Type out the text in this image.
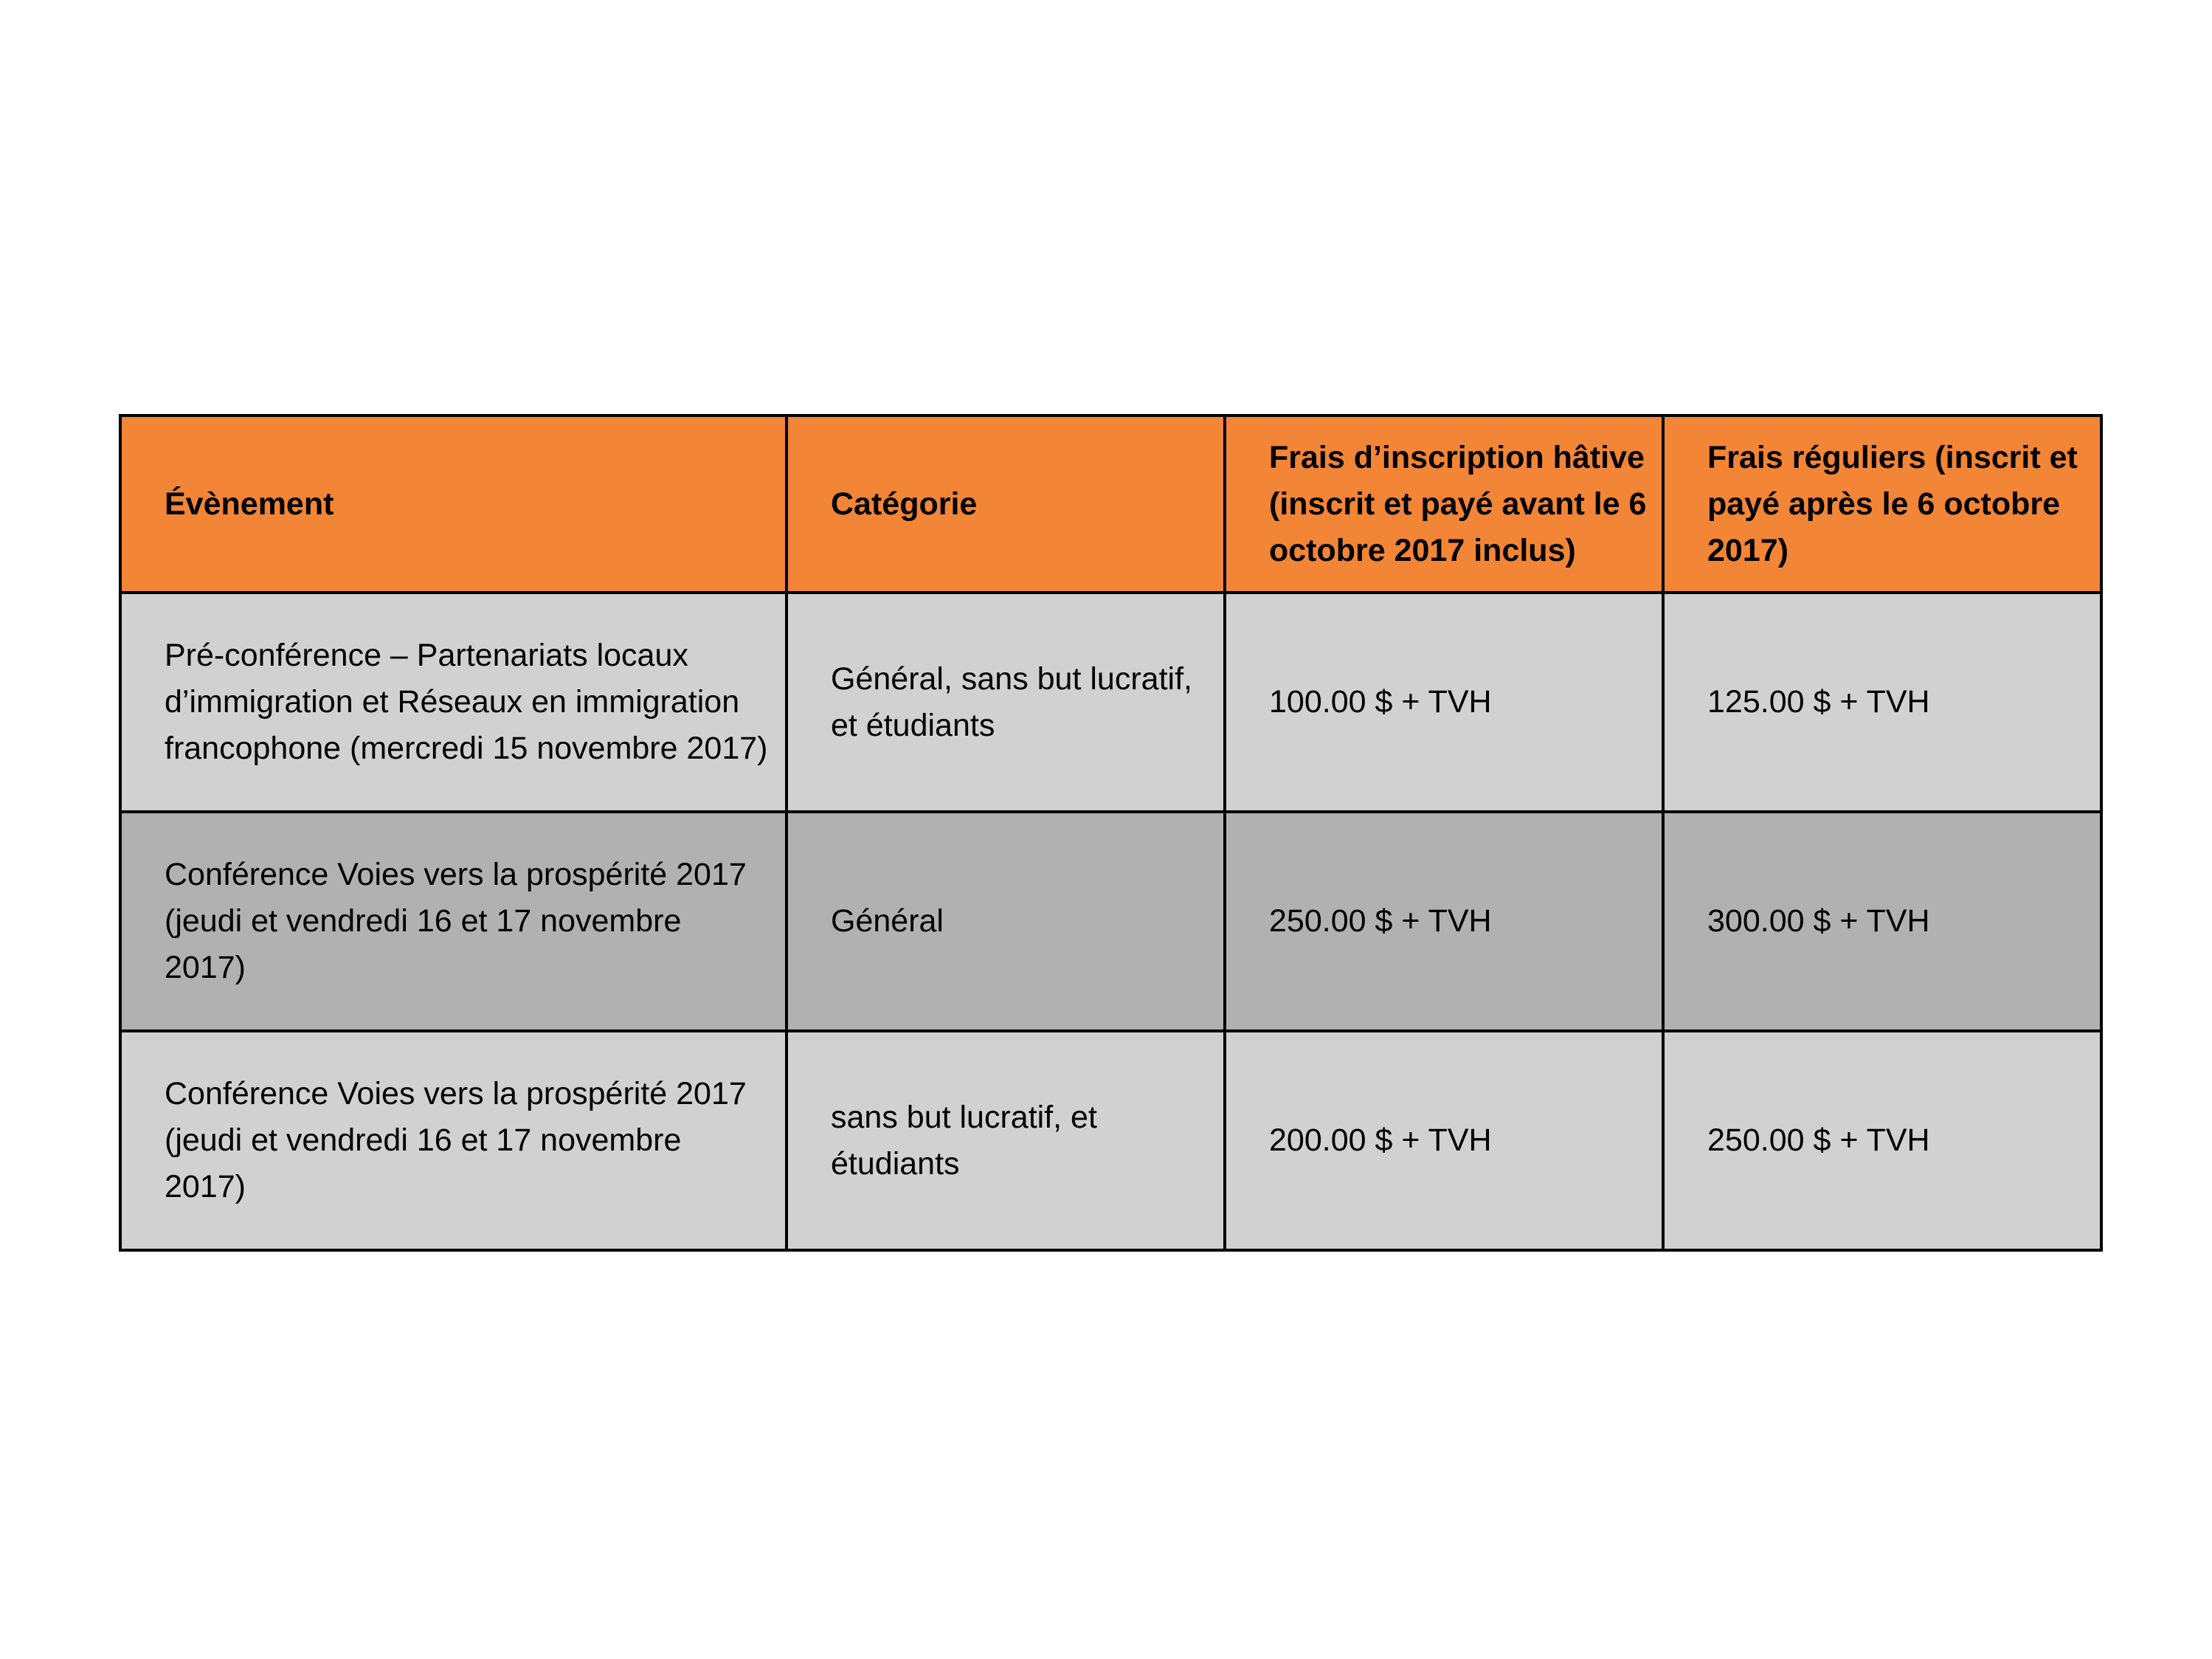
Évènement	Catégorie	Frais d’inscription hâtive (inscrit et payé avant le 6 octobre 2017 inclus)	Frais réguliers (inscrit et payé après le 6 octobre 2017)
Pré-conférence – Partenariats locaux d’immigration et Réseaux en immigration francophone (mercredi 15 novembre 2017)	Général, sans but lucratif, et étudiants	100.00 $ + TVH	125.00 $ + TVH
Conférence Voies vers la prospérité 2017 (jeudi et vendredi 16 et 17 novembre 2017)	Général	250.00 $ + TVH	300.00 $ + TVH
Conférence Voies vers la prospérité 2017 (jeudi et vendredi 16 et 17 novembre 2017)	sans but lucratif, et étudiants	200.00 $ + TVH	250.00 $ + TVH
